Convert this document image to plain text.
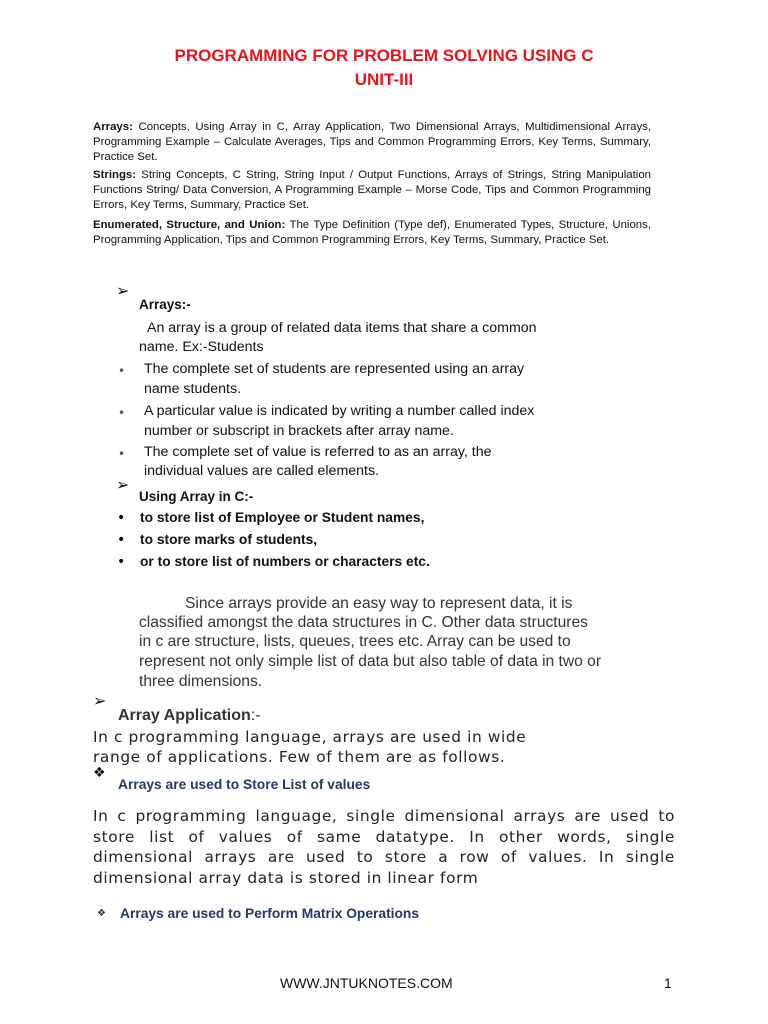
PROGRAMMING FOR PROBLEM SOLVING USING C
UNIT-III
Arrays: Concepts, Using Array in C, Array Application, Two Dimensional Arrays, Multidimensional Arrays, Programming Example – Calculate Averages, Tips and Common Programming Errors, Key Terms, Summary, Practice Set.
Strings: String Concepts, C String, String Input / Output Functions, Arrays of Strings, String Manipulation Functions String/ Data Conversion, A Programming Example – Morse Code, Tips and Common Programming Errors, Key Terms, Summary, Practice Set.
Enumerated, Structure, and Union: The Type Definition (Type def), Enumerated Types, Structure, Unions, Programming Application, Tips and Common Programming Errors, Key Terms, Summary, Practice Set.
➢
Arrays:-
An array is a group of related data items that share a common
name. Ex:-Students
• The complete set of students are represented using an array
name students.
• A particular value is indicated by writing a number called index
number or subscript in brackets after array name.
• The complete set of value is referred to as an array, the
individual values are called elements.
➢
Using Array in C:-
• to store list of Employee or Student names,
• to store marks of students,
• or to store list of numbers or characters etc.
Since arrays provide an easy way to represent data, it is
classified amongst the data structures in C. Other data structures
in c are structure, lists, queues, trees etc. Array can be used to
represent not only simple list of data but also table of data in two or
three dimensions.
➢
Array Application:-
In c programming language, arrays are used in wide
range of applications. Few of them are as follows.
❖
Arrays are used to Store List of values
In c programming language, single dimensional arrays are used to
store list of values of same datatype. In other words, single
dimensional arrays are used to store a row of values. In single
dimensional array data is stored in linear form
❖ Arrays are used to Perform Matrix Operations
WWW.JNTUKNOTES.COM	1
